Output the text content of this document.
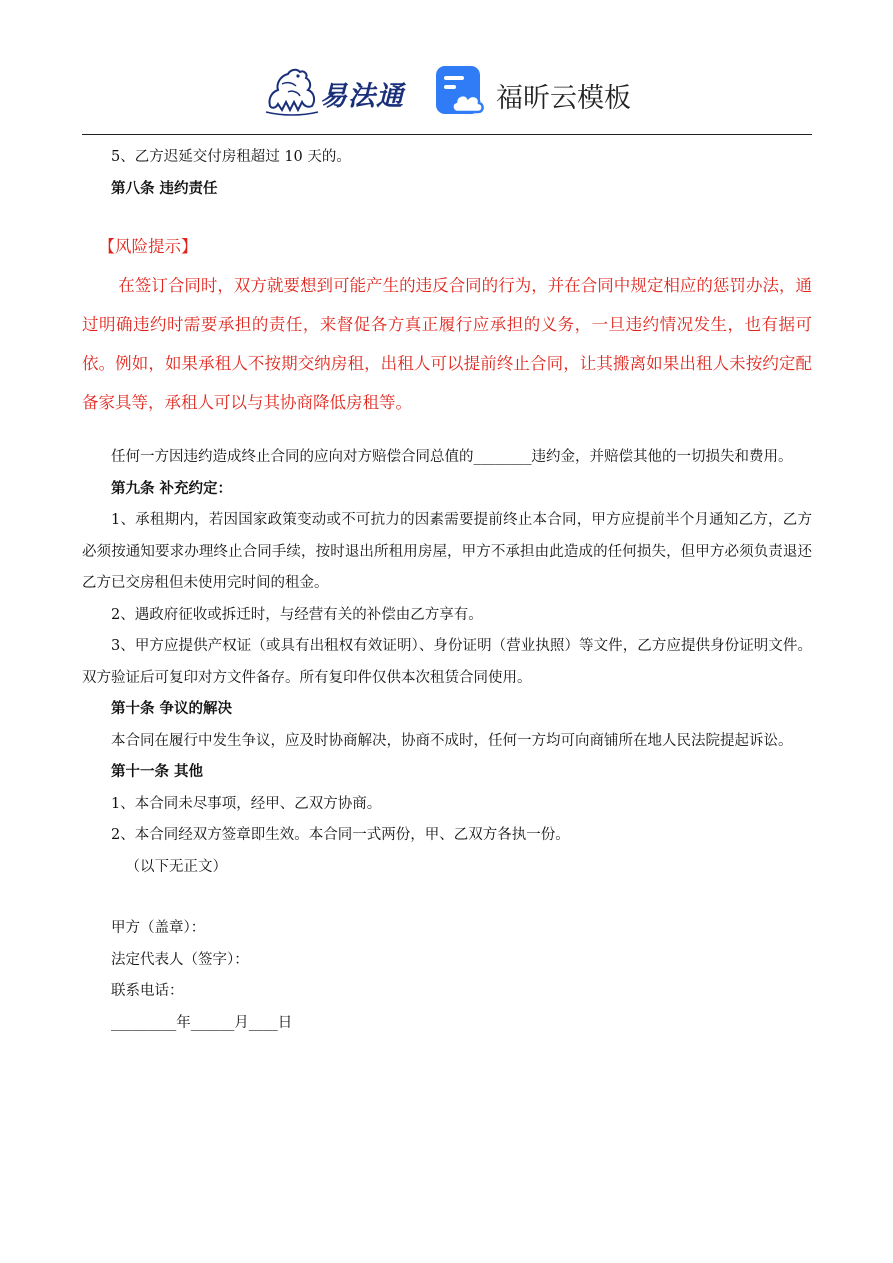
易法通	福昕云模板

5、乙方迟延交付房租超过 10 天的。

第八条 违约责任

【风险提示】

在签订合同时，双方就要想到可能产生的违反合同的行为，并在合同中规定相应的惩罚办法，通过明确违约时需要承担的责任，来督促各方真正履行应承担的义务，一旦违约情况发生，也有据可依。例如，如果承租人不按期交纳房租，出租人可以提前终止合同，让其搬离如果出租人未按约定配备家具等，承租人可以与其协商降低房租等。

任何一方因违约造成终止合同的应向对方赔偿合同总值的________违约金，并赔偿其他的一切损失和费用。

第九条 补充约定：

1、承租期内，若因国家政策变动或不可抗力的因素需要提前终止本合同，甲方应提前半个月通知乙方，乙方必须按通知要求办理终止合同手续，按时退出所租用房屋，甲方不承担由此造成的任何损失，但甲方必须负责退还乙方已交房租但未使用完时间的租金。

2、遇政府征收或拆迁时，与经营有关的补偿由乙方享有。

3、甲方应提供产权证（或具有出租权有效证明）、身份证明（营业执照）等文件，乙方应提供身份证明文件。双方验证后可复印对方文件备存。所有复印件仅供本次租赁合同使用。

第十条 争议的解决

本合同在履行中发生争议，应及时协商解决，协商不成时，任何一方均可向商铺所在地人民法院提起诉讼。

第十一条 其他

1、本合同未尽事项，经甲、乙双方协商。

2、本合同经双方签章即生效。本合同一式两份，甲、乙双方各执一份。

（以下无正文）

甲方（盖章）：

法定代表人（签字）：

联系电话：

_________年______月____日
